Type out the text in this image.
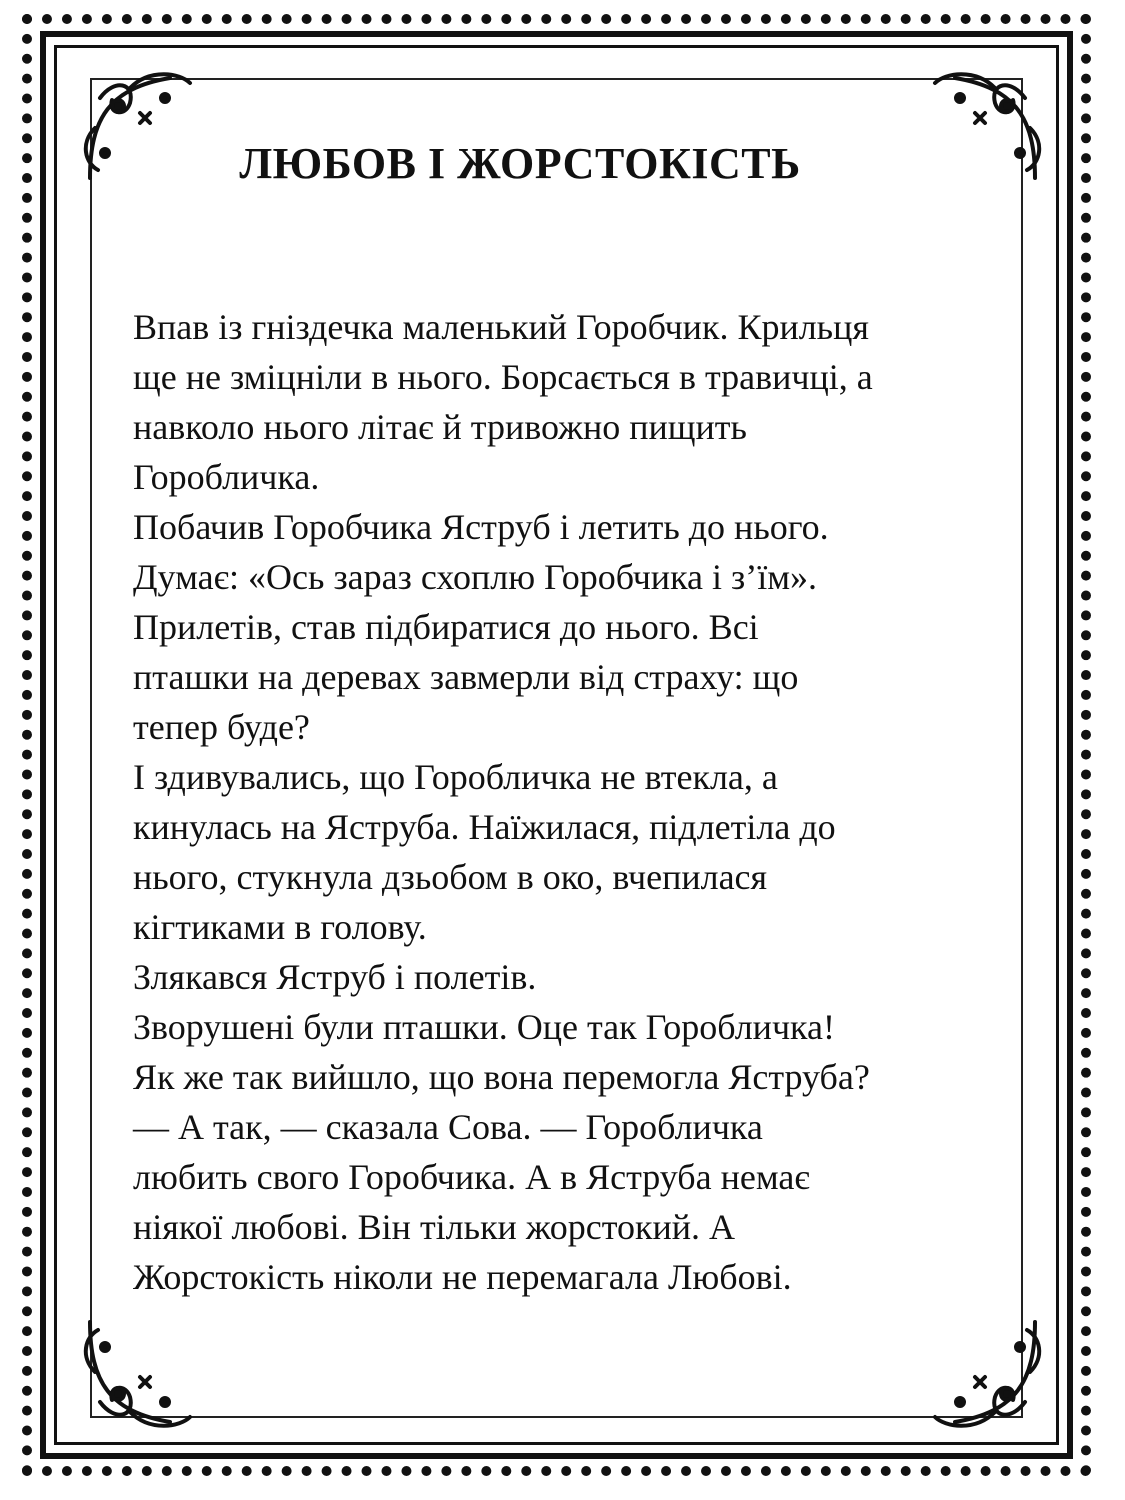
ЛЮБОВ І ЖОРСТОКІСТЬ

Впав із гніздечка маленький Горобчик. Крильця

ще не зміцніли в нього. Борсається в травичці, а

навколо нього літає й тривожно пищить

Горобличка.

Побачив Горобчика Яструб і летить до нього.

Думає: «Ось зараз схоплю Горобчика і з’їм».

Прилетів, став підбиратися до нього. Всі

пташки на деревах завмерли від страху: що

тепер буде?

І здивувались, що Горобличка не втекла, а

кинулась на Яструба. Наїжилася, підлетіла до

нього, стукнула дзьобом в око, вчепилася

кігтиками в голову.

Злякався Яструб і полетів.

Зворушені були пташки. Оце так Горобличка!

Як же так вийшло, що вона перемогла Яструба?

— А так, — сказала Сова. — Горобличка

любить свого Горобчика. А в Яструба немає

ніякої любові. Він тільки жорстокий. А

Жорстокість ніколи не перемагала Любові.
